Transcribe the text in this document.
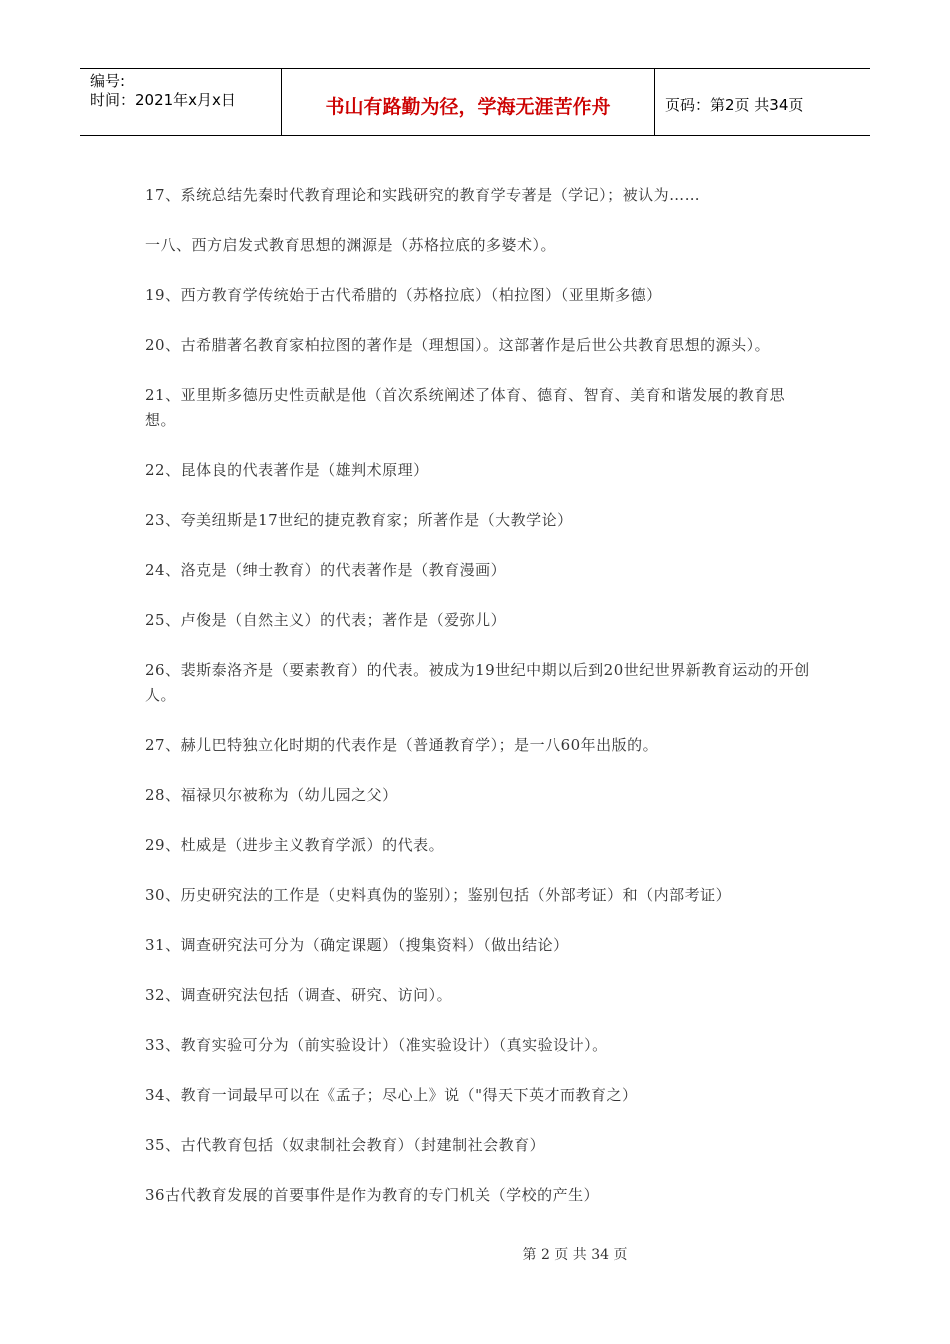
编号:
时间：2021年x月x日	书山有路勤为径，学海无涯苦作舟	页码：第2页 共34页

17、系统总结先秦时代教育理论和实践研究的教育学专著是（学记）；被认为……

一八、西方启发式教育思想的渊源是（苏格拉底的多婆术）。

19、西方教育学传统始于古代希腊的（苏格拉底）（柏拉图）（亚里斯多德）

20、古希腊著名教育家柏拉图的著作是（理想国）。这部著作是后世公共教育思想的源头）。

21、亚里斯多德历史性贡献是他（首次系统阐述了体育、德育、智育、美育和谐发展的教育思想。

22、昆体良的代表著作是（雄判术原理）

23、夸美纽斯是17世纪的捷克教育家；所著作是（大教学论）

24、洛克是（绅士教育）的代表著作是（教育漫画）

25、卢俊是（自然主义）的代表；著作是（爱弥儿）

26、裴斯泰洛齐是（要素教育）的代表。被成为19世纪中期以后到20世纪世界新教育运动的开创人。

27、赫儿巴特独立化时期的代表作是（普通教育学）；是一八60年出版的。

28、福禄贝尔被称为（幼儿园之父）

29、杜威是（进步主义教育学派）的代表。

30、历史研究法的工作是（史料真伪的鉴别）；鉴别包括（外部考证）和（内部考证）

31、调查研究法可分为（确定课题）（搜集资料）（做出结论）

32、调查研究法包括（调查、研究、访问）。

33、教育实验可分为（前实验设计）（准实验设计）（真实验设计）。

34、教育一词最早可以在《孟子；尽心上》说（"得天下英才而教育之）

35、古代教育包括（奴隶制社会教育）（封建制社会教育）

36古代教育发展的首要事件是作为教育的专门机关（学校的产生）

第 2 页 共 34 页
